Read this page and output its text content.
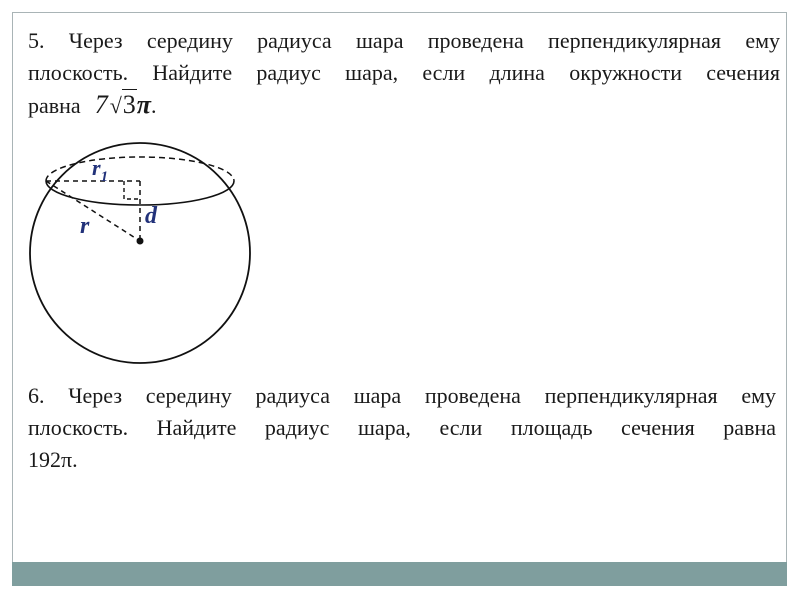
5. Через середину радиуса шара проведена перпендикулярная ему
плоскость. Найдите радиус шара, если длина окружности сечения
равна 7√3π.
$r_1$
d
r
6. Через середину радиуса шара проведена перпендикулярная ему
плоскость. Найдите радиус шара, если площадь сечения равна
192π.
